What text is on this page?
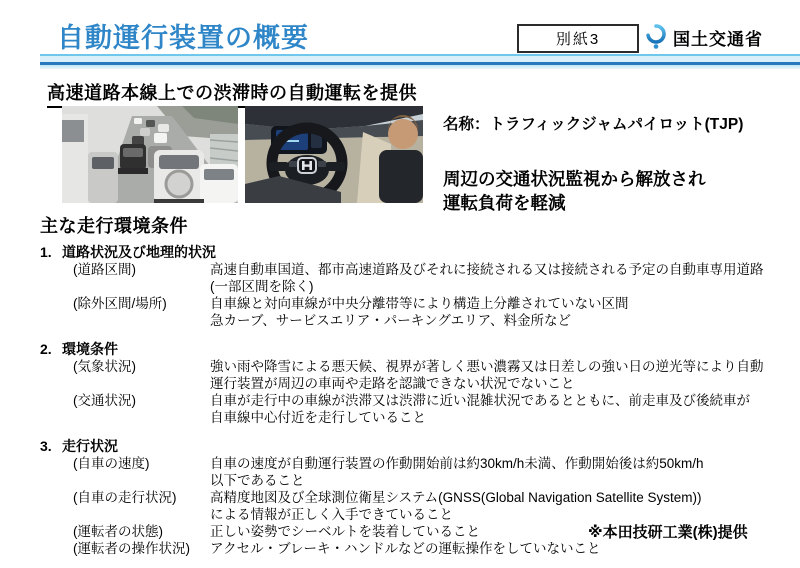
自動運行装置の概要	別紙3	国土交通省
高速道路本線上での渋滞時の自動運転を提供
名称：トラフィックジャムパイロット(TJP)
周辺の交通状況監視から解放され
運転負荷を軽減
主な走行環境条件
1. 道路状況及び地理的状況
(道路区間)	高速自動車国道、都市高速道路及びそれに接続される又は接続される予定の自動車専用道路
(一部区間を除く)
(除外区間/場所)	自車線と対向車線が中央分離帯等により構造上分離されていない区間
急カーブ、サービスエリア・パーキングエリア、料金所など
2. 環境条件
(気象状況)	強い雨や降雪による悪天候、視界が著しく悪い濃霧又は日差しの強い日の逆光等により自動
運行装置が周辺の車両や走路を認識できない状況でないこと
(交通状況)	自車が走行中の車線が渋滞又は渋滞に近い混雑状況であるとともに、前走車及び後続車が
自車線中心付近を走行していること
3. 走行状況
(自車の速度)	自車の速度が自動運行装置の作動開始前は約30km/h未満、作動開始後は約50km/h
以下であること
(自車の走行状況)	高精度地図及び全球測位衛星システム(GNSS(Global Navigation Satellite System))
による情報が正しく入手できていること
(運転者の状態)	正しい姿勢でシーベルトを装着していること
(運転者の操作状況)	アクセル・ブレーキ・ハンドルなどの運転操作をしていないこと
※本田技研工業(株)提供
